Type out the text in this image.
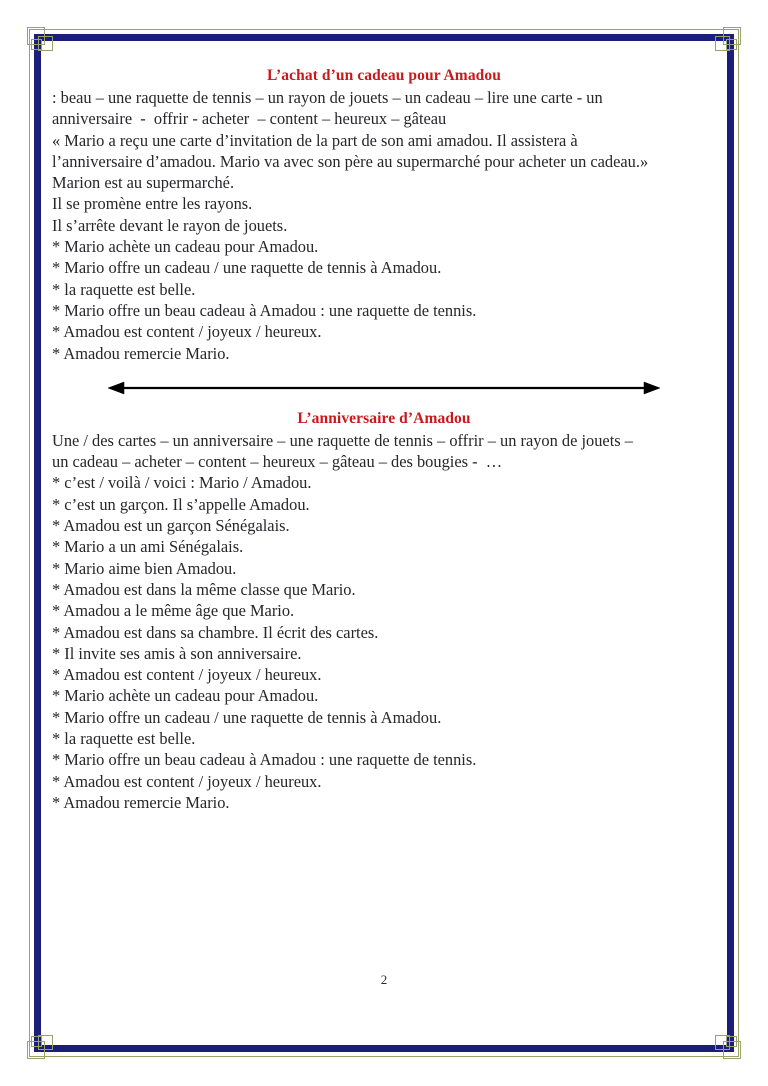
L’achat d’un cadeau pour Amadou

: beau – une raquette de tennis – un rayon de jouets – un cadeau – lire une carte - un

anniversaire  -  offrir - acheter  – content – heureux – gâteau

« Mario a reçu une carte d’invitation de la part de son ami amadou. Il assistera à

l’anniversaire d’amadou. Mario va avec son père au supermarché pour acheter un cadeau.»

Marion est au supermarché.

Il se promène entre les rayons.

Il s’arrête devant le rayon de jouets.

* Mario achète un cadeau pour Amadou.

* Mario offre un cadeau / une raquette de tennis à Amadou.

* la raquette est belle.

* Mario offre un beau cadeau à Amadou : une raquette de tennis.

* Amadou est content / joyeux / heureux.

* Amadou remercie Mario.

L’anniversaire d’Amadou

Une / des cartes – un anniversaire – une raquette de tennis – offrir – un rayon de jouets –

un cadeau – acheter – content – heureux – gâteau – des bougies -  …

* c’est / voilà / voici : Mario / Amadou.

* c’est un garçon. Il s’appelle Amadou.

* Amadou est un garçon Sénégalais.

* Mario a un ami Sénégalais.

* Mario aime bien Amadou.

* Amadou est dans la même classe que Mario.

* Amadou a le même âge que Mario.

* Amadou est dans sa chambre. Il écrit des cartes.

* Il invite ses amis à son anniversaire.

* Amadou est content / joyeux / heureux.

* Mario achète un cadeau pour Amadou.

* Mario offre un cadeau / une raquette de tennis à Amadou.

* la raquette est belle.

* Mario offre un beau cadeau à Amadou : une raquette de tennis.

* Amadou est content / joyeux / heureux.

* Amadou remercie Mario.

2
